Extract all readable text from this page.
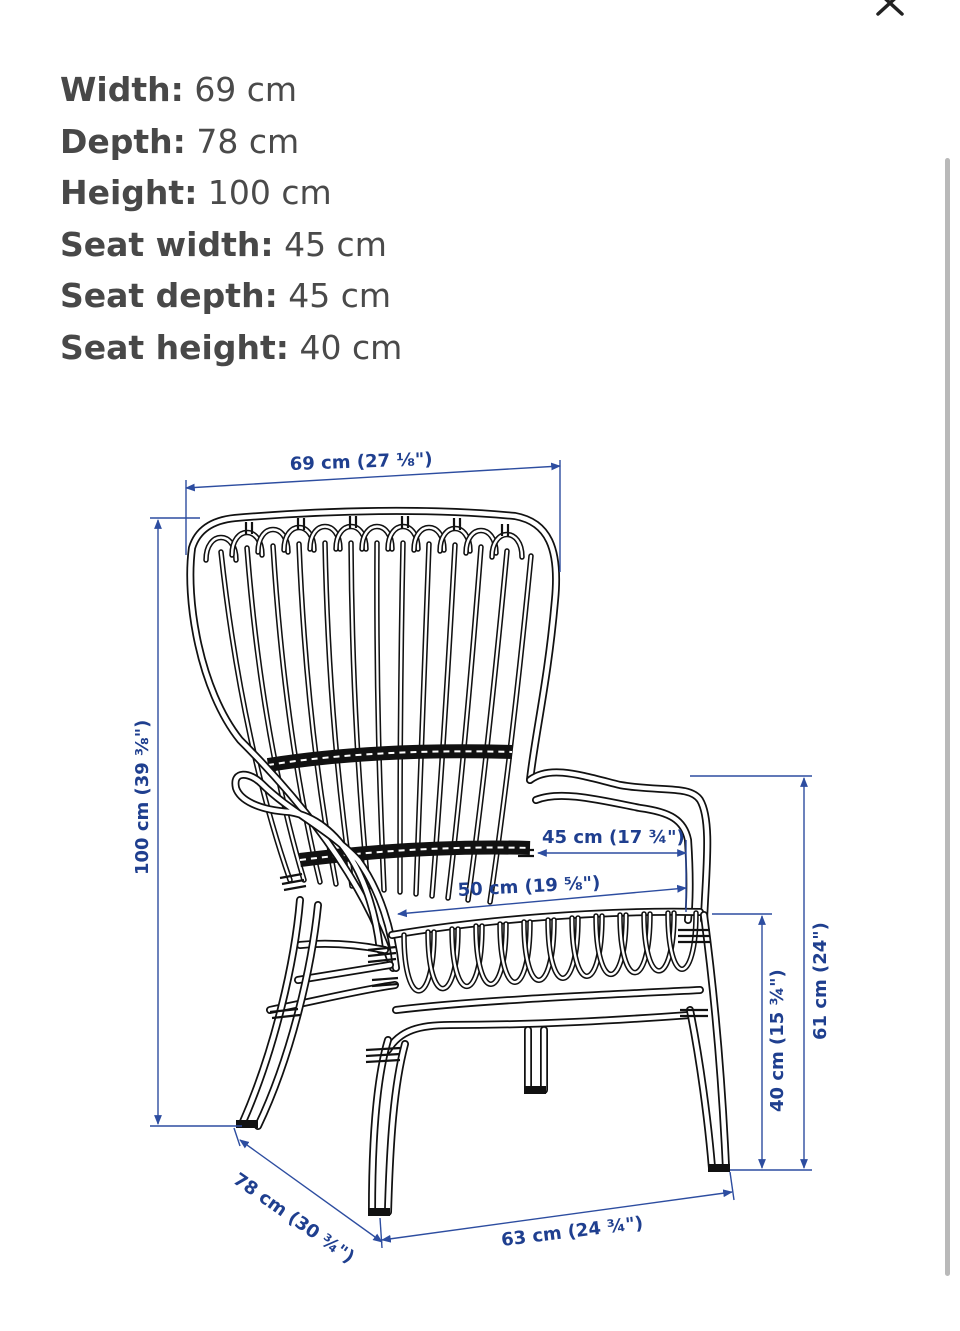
Width: 69 cm
Depth: 78 cm
Height: 100 cm
Seat width: 45 cm
Seat depth: 45 cm
Seat height: 40 cm
69 cm (27 ⅛")
100 cm (39 ⅜")	45 cm (17 ¾")
50 cm (19 ⅝")
40 cm (15 ¾") 61 cm (24")
78 cm (30 ¾")	63 cm (24 ¾")
